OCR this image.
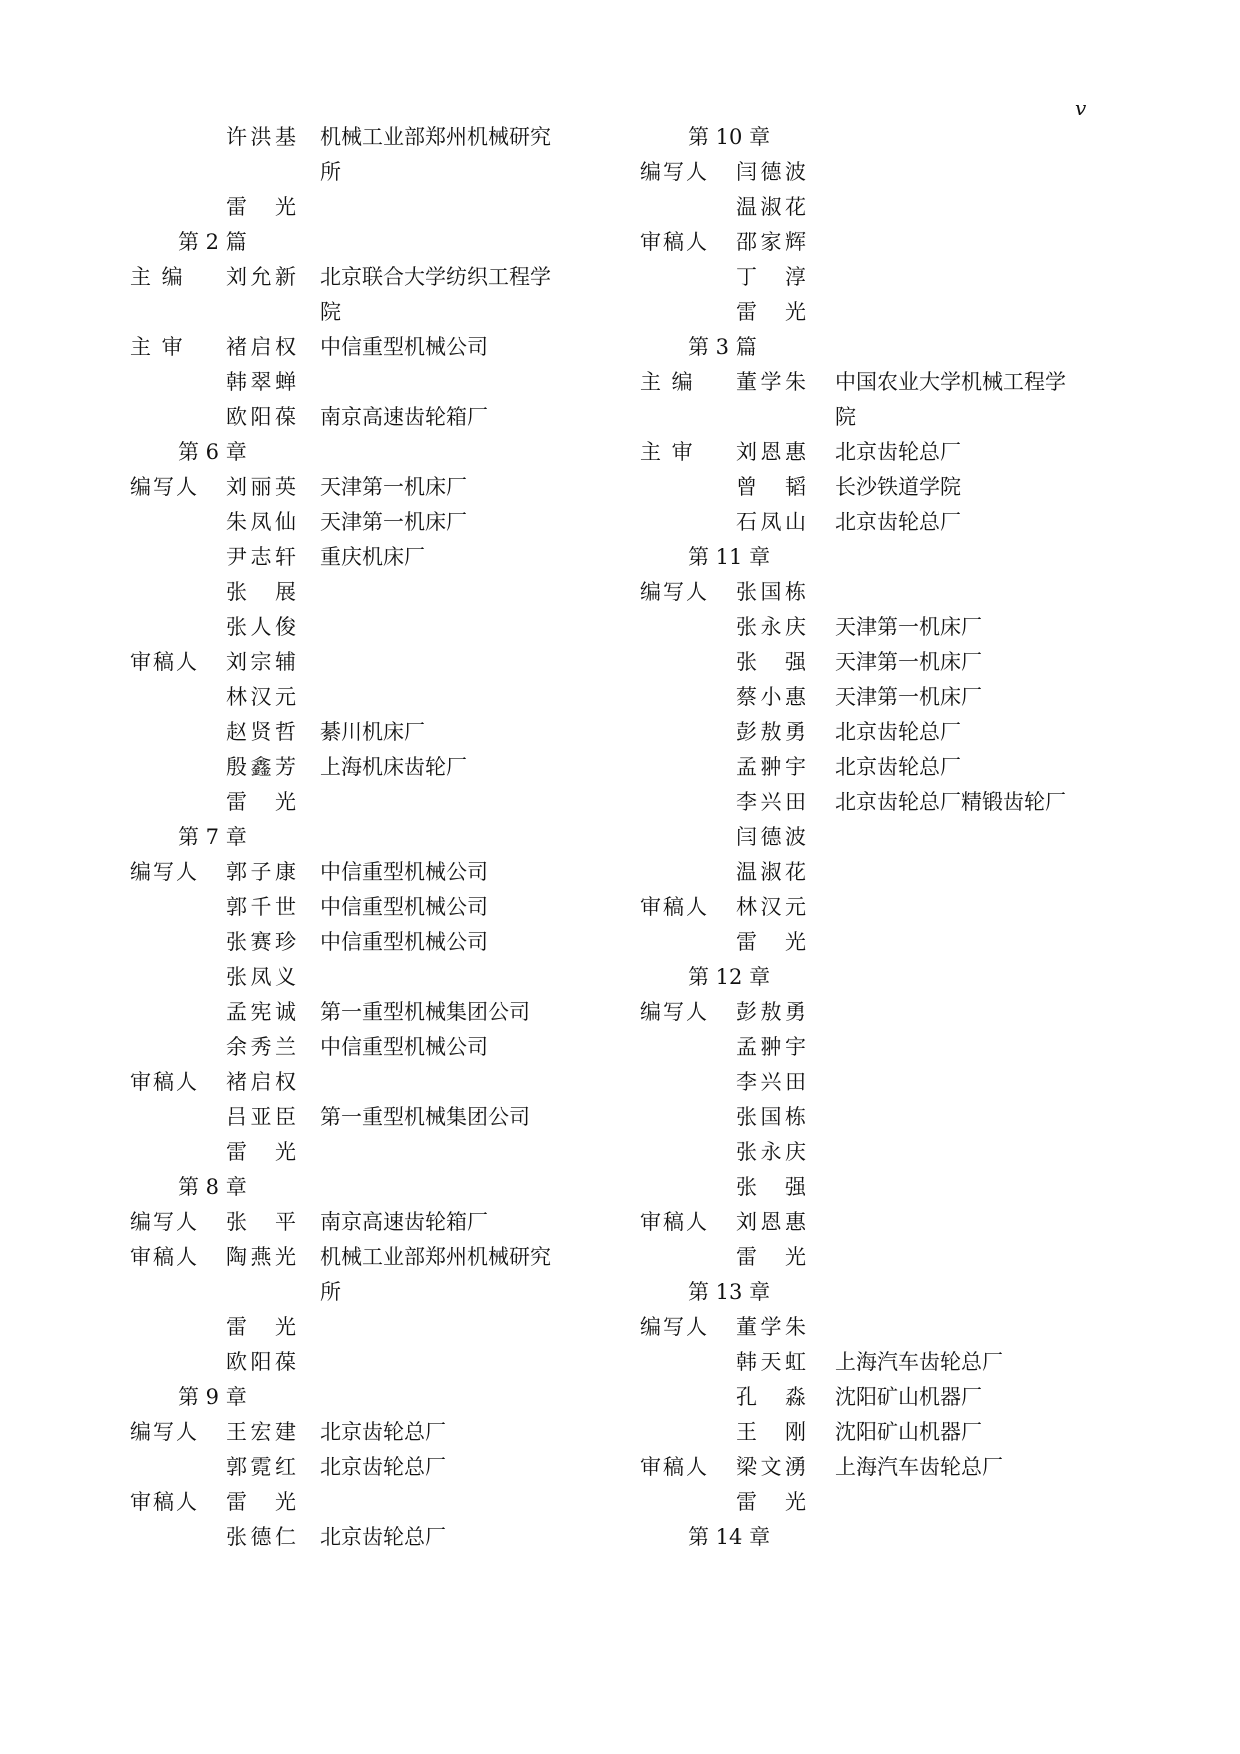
v
许洪基 机械工业部郑州机械研究
所
雷　光
第 2 篇
主 编	刘允新 北京联合大学纺织工程学
院
主 审	褚启权 中信重型机械公司
韩翠蝉
欧阳葆 南京高速齿轮箱厂
第 6 章
编写人	刘丽英 天津第一机床厂
朱凤仙 天津第一机床厂
尹志轩 重庆机床厂
张　展
张人俊
审稿人	刘宗辅
林汉元
赵贤哲 綦川机床厂
殷鑫芳 上海机床齿轮厂
雷　光
第 7 章
编写人	郭子康 中信重型机械公司
郭千世 中信重型机械公司
张赛珍 中信重型机械公司
张凤义
孟宪诚 第一重型机械集团公司
余秀兰 中信重型机械公司
审稿人	褚启权
吕亚臣 第一重型机械集团公司
雷　光
第 8 章
编写人	张　平 南京高速齿轮箱厂
审稿人	陶燕光 机械工业部郑州机械研究
所
雷　光
欧阳葆
第 9 章
编写人	王宏建 北京齿轮总厂
郭霓红 北京齿轮总厂
审稿人	雷　光
张德仁 北京齿轮总厂
第 10 章
编写人	闫德波
温淑花
审稿人	邵家辉
丁　淳
雷　光
第 3 篇
主 编	董学朱 中国农业大学机械工程学
院
主 审	刘恩惠 北京齿轮总厂
曾　韬 长沙铁道学院
石凤山 北京齿轮总厂
第 11 章
编写人	张国栋
张永庆 天津第一机床厂
张　强 天津第一机床厂
蔡小惠 天津第一机床厂
彭敖勇 北京齿轮总厂
孟翀宇 北京齿轮总厂
李兴田 北京齿轮总厂精锻齿轮厂
闫德波
温淑花
审稿人	林汉元
雷　光
第 12 章
编写人	彭敖勇
孟翀宇
李兴田
张国栋
张永庆
张　强
审稿人	刘恩惠
雷　光
第 13 章
编写人	董学朱
韩天虹 上海汽车齿轮总厂
孔　淼 沈阳矿山机器厂
王　刚 沈阳矿山机器厂
审稿人	梁文湧 上海汽车齿轮总厂
雷　光
第 14 章
